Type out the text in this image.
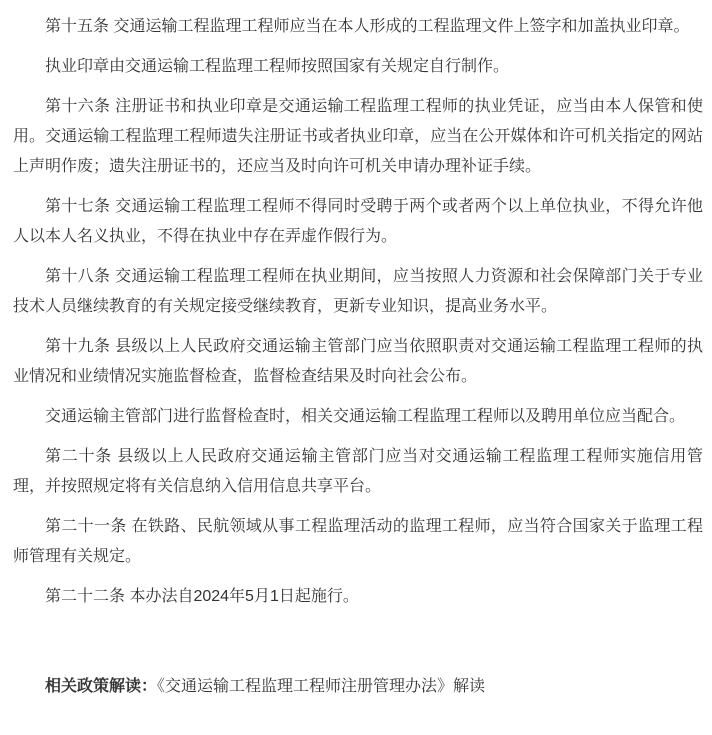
第十五条 交通运输工程监理工程师应当在本人形成的工程监理文件上签字和加盖执业印章。

执业印章由交通运输工程监理工程师按照国家有关规定自行制作。

第十六条 注册证书和执业印章是交通运输工程监理工程师的执业凭证，应当由本人保管和使用。交通运输工程监理工程师遗失注册证书或者执业印章，应当在公开媒体和许可机关指定的网站上声明作废；遗失注册证书的，还应当及时向许可机关申请办理补证手续。

第十七条 交通运输工程监理工程师不得同时受聘于两个或者两个以上单位执业，不得允许他人以本人名义执业，不得在执业中存在弄虚作假行为。

第十八条 交通运输工程监理工程师在执业期间，应当按照人力资源和社会保障部门关于专业技术人员继续教育的有关规定接受继续教育，更新专业知识，提高业务水平。

第十九条 县级以上人民政府交通运输主管部门应当依照职责对交通运输工程监理工程师的执业情况和业绩情况实施监督检查，监督检查结果及时向社会公布。

交通运输主管部门进行监督检查时，相关交通运输工程监理工程师以及聘用单位应当配合。

第二十条 县级以上人民政府交通运输主管部门应当对交通运输工程监理工程师实施信用管理，并按照规定将有关信息纳入信用信息共享平台。

第二十一条 在铁路、民航领域从事工程监理活动的监理工程师，应当符合国家关于监理工程师管理有关规定。

第二十二条 本办法自2024年5月1日起施行。

相关政策解读：《交通运输工程监理工程师注册管理办法》解读
